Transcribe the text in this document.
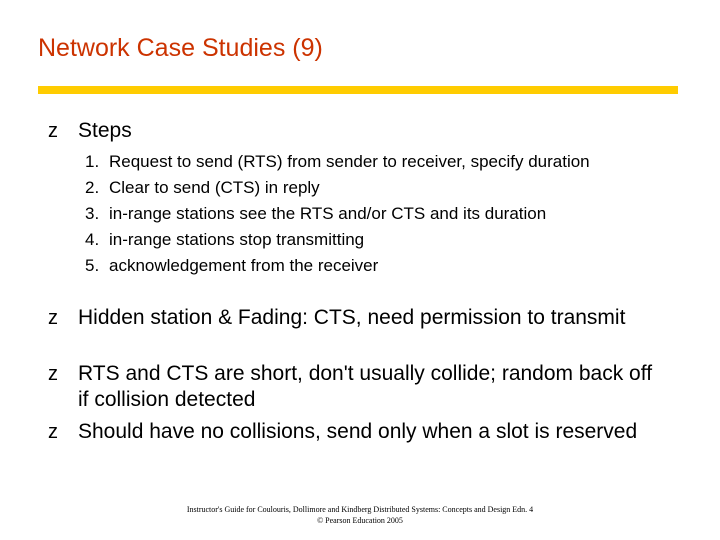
Network Case Studies (9)
z Steps
1. Request to send (RTS) from sender to receiver, specify duration
2. Clear to send (CTS) in reply
3. in-range stations see the RTS and/or CTS and its duration
4. in-range stations stop transmitting
5. acknowledgement from the receiver
z Hidden station & Fading: CTS, need permission to transmit
z RTS and CTS are short, don't usually collide; random back off if collision detected
z Should have no collisions, send only when a slot is reserved
Instructor's Guide for Coulouris, Dollimore and Kindberg Distributed Systems: Concepts and Design Edn. 4
© Pearson Education 2005
